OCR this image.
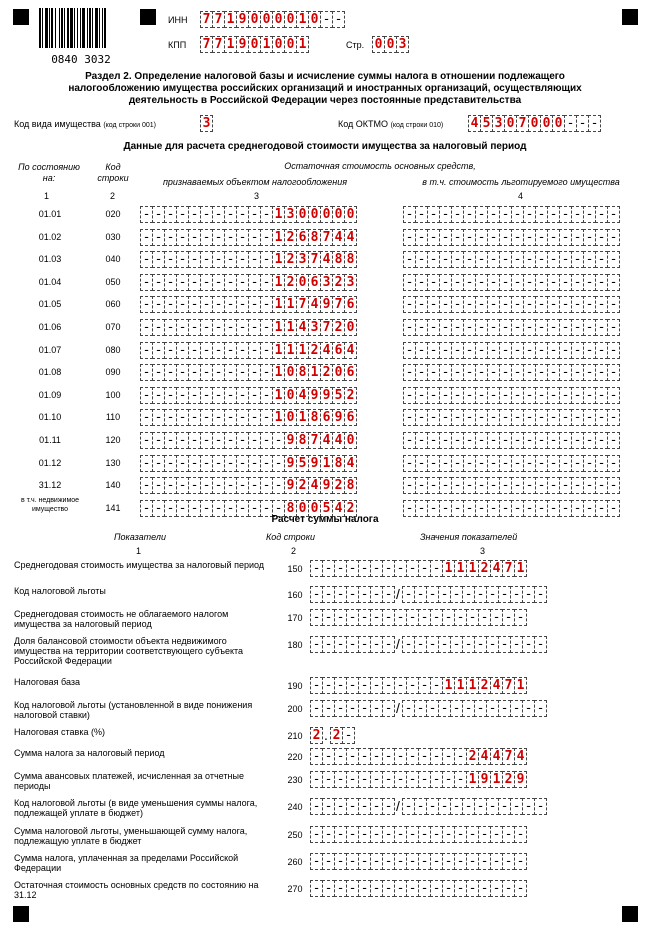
0840 3032
ИНН 7 7 1 9 0 0 0 0 1 0 - -
КПП 7 7 1 9 0 1 0 0 1	Стр. 0 0 3
Раздел 2. Определение налоговой базы и исчисление суммы налога в отношении подлежащего налогообложению имущества российских организаций и иностранных организаций, осуществляющих деятельность в Российской Федерации через постоянные представительства
Код вида имущества (код строки 001)	3	Код ОКТМО (код строки 010) 4 5 3 0 7 0 0 0 - - -
Данные для расчета среднегодовой стоимости имущества за налоговый период
По состоянию на:
Код строки
Остаточная стоимость основных средств,
признаваемых объектом налогообложения	в т.ч. стоимость льготируемого имущества
1	2	3	4
01.01	020	- - - - - - - - - - - 1 3 0 0 0 0 0	- - - - - - - - - - - - - - - - - -
01.02	030	- - - - - - - - - - - 1 2 6 8 7 4 4	- - - - - - - - - - - - - - - - - -
01.03	040	- - - - - - - - - - - 1 2 3 7 4 8 8	- - - - - - - - - - - - - - - - - -
01.04	050	- - - - - - - - - - - 1 2 0 6 3 2 3	- - - - - - - - - - - - - - - - - -
01.05	060	- - - - - - - - - - - 1 1 7 4 9 7 6	- - - - - - - - - - - - - - - - - -
01.06	070	- - - - - - - - - - - 1 1 4 3 7 2 0	- - - - - - - - - - - - - - - - - -
01.07	080	- - - - - - - - - - - 1 1 1 2 4 6 4	- - - - - - - - - - - - - - - - - -
01.08	090	- - - - - - - - - - - 1 0 8 1 2 0 6	- - - - - - - - - - - - - - - - - -
01.09	100	- - - - - - - - - - - 1 0 4 9 9 5 2	- - - - - - - - - - - - - - - - - -
01.10	110	- - - - - - - - - - - 1 0 1 8 6 9 6	- - - - - - - - - - - - - - - - - -
01.11	120	- - - - - - - - - - - - 9 8 7 4 4 0	- - - - - - - - - - - - - - - - - -
01.12	130	- - - - - - - - - - - - 9 5 9 1 8 4	- - - - - - - - - - - - - - - - - -
31.12	140	- - - - - - - - - - - - 9 2 4 9 2 8	- - - - - - - - - - - - - - - - - -
в т.ч. недвижимое имущество	141	- - - - - - - - - - - - 8 0 0 5 4 2	- - - - - - - - - - - - - - - - - -
Расчет суммы налога
Показатели	Код строки	Значения показателей
1	2	3
Среднегодовая стоимость имущества за налоговый период	150 - - - - - - - - - - - 1 1 1 2 4 7 1
Код налоговой льготы	160 - - - - - - - / - - - - - - - - - - - -
Среднегодовая стоимость не облагаемого налогом имущества за налоговый период
170 - - - - - - - - - - - - - - - - - -
Доля балансовой стоимости объекта недвижимого имущества на территории соответствующего субъекта Российской Федерации
180 - - - - - - - / - - - - - - - - - - - -
Налоговая база	190 - - - - - - - - - - - 1 1 1 2 4 7 1
Код налоговой льготы (установленной в виде понижения налоговой ставки)
200 - - - - - - - / - - - - - - - - - - - -
Налоговая ставка (%)	210 2 . 2 -
Сумма налога за налоговый период	220 - - - - - - - - - - - - - 2 4 4 7 4
Сумма авансовых платежей, исчисленная за отчетные периоды
230 - - - - - - - - - - - - - 1 9 1 2 9
Код налоговой льготы (в виде уменьшения суммы налога, подлежащей уплате в бюджет)
240 - - - - - - - / - - - - - - - - - - - -
Сумма налоговой льготы, уменьшающей сумму налога, подлежащую уплате в бюджет
250 - - - - - - - - - - - - - - - - - -
Сумма налога, уплаченная за пределами Российской Федерации
260 - - - - - - - - - - - - - - - - - -
Остаточная стоимость основных средств по состоянию на 31.12
270 - - - - - - - - - - - - - - - - - -
